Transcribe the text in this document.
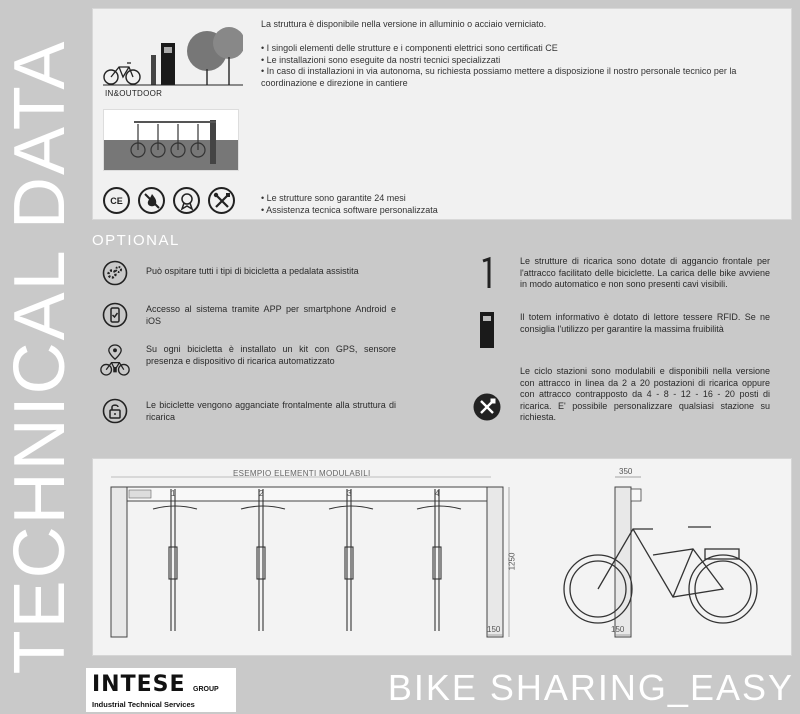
TECHNICAL DATA	IN&OUTDOOR
CE
La struttura è disponibile nella versione in alluminio o acciaio verniciato.
• I singoli elementi delle strutture e i componenti elettrici sono certificati CE
• Le installazioni sono eseguite da nostri tecnici specializzati
• In caso di installazioni in via autonoma, su richiesta possiamo mettere a disposizione il nostro personale tecnico per la coordinazione e direzione in cantiere
• Le strutture sono garantite 24 mesi
• Assistenza tecnica software personalizzata
OPTIONAL
Può ospitare tutti i tipi di bicicletta a pedalata assistita
Accesso al sistema tramite APP per smartphone Android e iOS
Su ogni bicicletta è installato un kit con GPS, sensore presenza e dispositivo di ricarica automatizzato
Le biciclette vengono agganciate frontalmente alla struttura di ricarica
Le strutture di ricarica sono dotate di aggancio frontale per l'attracco facilitato delle biciclette. La carica delle bike avviene in modo automatico e non sono presenti cavi visibili.
Il totem informativo è dotato di lettore tessere RFID. Se ne consiglia l'utilizzo per garantire la massima fruibilità
Le ciclo stazioni sono modulabili e disponibili nella versione con attracco in linea da 2 a 20 postazioni di ricarica oppure con attracco contrapposto da 4 - 8 - 12 - 16 - 20 posti di ricarica. E' possibile personalizzare qualsiasi stazione su richiesta.
ESEMPIO ELEMENTI MODULABILI
1	2	3	4
1250
150
350
150
INTESE GROUP
Industrial Technical Services	BIKE SHARING_EASY
